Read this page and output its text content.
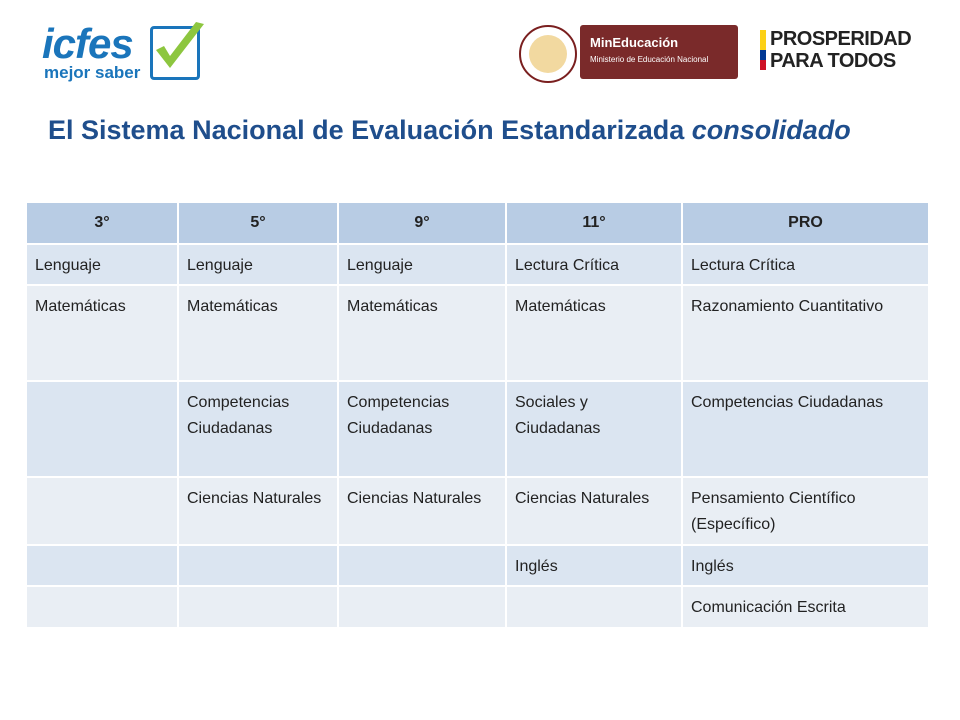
icfes
mejor saber
MinEducación
Ministerio de Educación Nacional
PROSPERIDAD
PARA TODOS
El Sistema Nacional de Evaluación Estandarizada consolidado
3°	5°	9°	11°	PRO
Lenguaje	Lenguaje	Lenguaje	Lectura Crítica	Lectura Crítica
Matemáticas	Matemáticas	Matemáticas	Matemáticas	Razonamiento Cuantitativo
	Competencias Ciudadanas	Competencias Ciudadanas	Sociales y Ciudadanas	Competencias Ciudadanas
	Ciencias Naturales	Ciencias Naturales	Ciencias Naturales	Pensamiento Científico (Específico)
			Inglés	Inglés
				Comunicación Escrita
